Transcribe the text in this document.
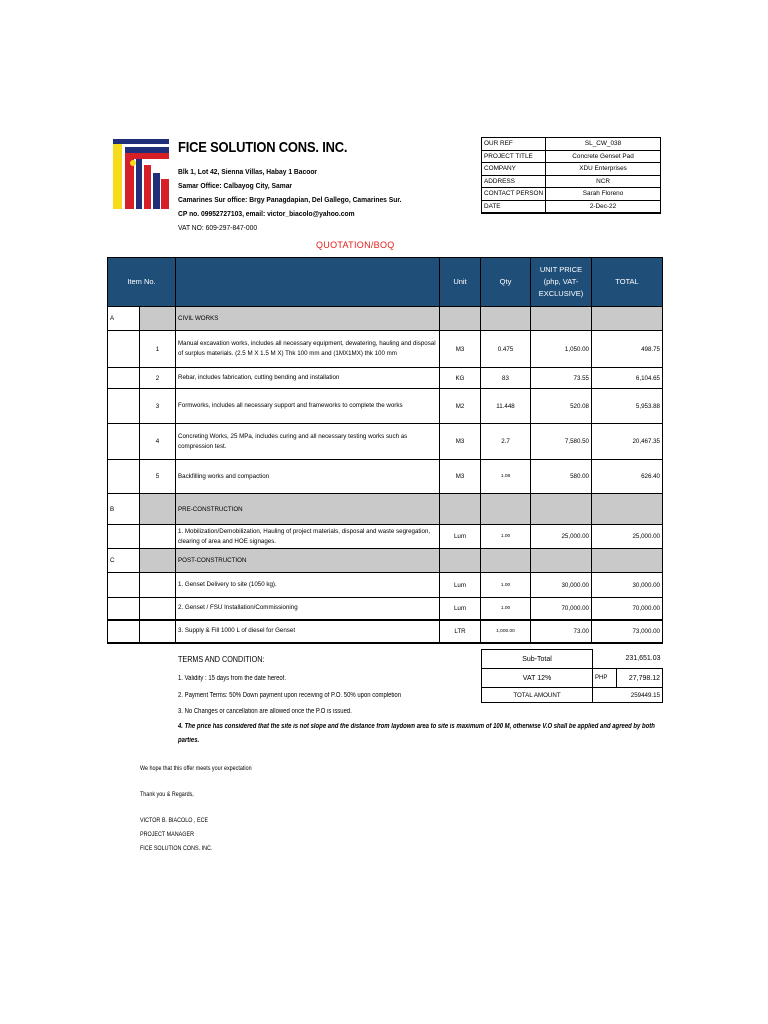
FICE SOLUTION CONS. INC.
Blk 1, Lot 42, Sienna Villas, Habay 1 Bacoor
Samar Office: Calbayog City, Samar
Camarines Sur office: Brgy Panagdapian, Del Gallego, Camarines Sur.
CP no. 09952727103, email: victor_biacolo@yahoo.com
VAT NO: 609-297-847-000
OUR REF	SL_CW_038
PROJECT TITLE	Concrete Genset Pad
COMPANY	XDU Enterprises
ADDRESS	NCR
CONTACT PERSON	Sarah Floreno
DATE	2-Dec-22
QUOTATION/BOQ
Item No.			Unit	Qty	UNIT PRICE (php, VAT-EXCLUSIVE)	TOTAL
A		CIVIL WORKS				
	1	Manual excavation works, includes all necessary equipment, dewatering, hauling and disposal of surplus materials. (2.5 M X 1.5 M X) Thk 100 mm and (1MX1MX) thk 100 mm	M3	0.475	1,050.00	498.75
	2	Rebar, includes fabrication, cutting bending and installation	KG	83	73.55	6,104.65
	3	Formworks, includes all necessary support and frameworks to complete the works	M2	11.448	520.08	5,953.88
	4	Concreting Works, 25 MPa, includes curing and all necessary testing works such as compression test.	M3	2.7	7,580.50	20,467.35
	5	Backfilling works and compaction	M3	1.08	580.00	626.40
B		PRE-CONSTRUCTION				
		1. Mobilization/Demobilization, Hauling of project materials, disposal and waste segregation, clearing of area and HOE signages.	Lum	1.00	25,000.00	25,000.00
C		POST-CONSTRUCTION				
		1. Genset Delivery to site (1050 kg).	Lum	1.00	30,000.00	30,000.00
		2. Genset / FSU Installation/Commissioning	Lum	1.00	70,000.00	70,000.00
		3. Supply & Fill 1000 L of diesel for Genset	LTR	1,000.00	73.00	73,000.00
Sub-Total	231,651.03	
VAT 12%	PHP	27,798.12
TOTAL AMOUNT	259449.15	
TERMS AND CONDITION:
1. Validity : 15 days from the date hereof.
2. Payment Terms: 50% Down payment upon receiving of P.O. 50% upon completion
3. No Changes or cancellation are allowed once the P.O is issued.
4. The price has considered that the site is not slope and the distance from laydown area to site is maximum of 100 M, otherwise V.O shall be applied and agreed by both
parties.
We hope that this offer meets your expectation
Thank you & Regards,
VICTOR B. BIACOLO , ECE
PROJECT MANAGER
FICE SOLUTION CONS. INC.
